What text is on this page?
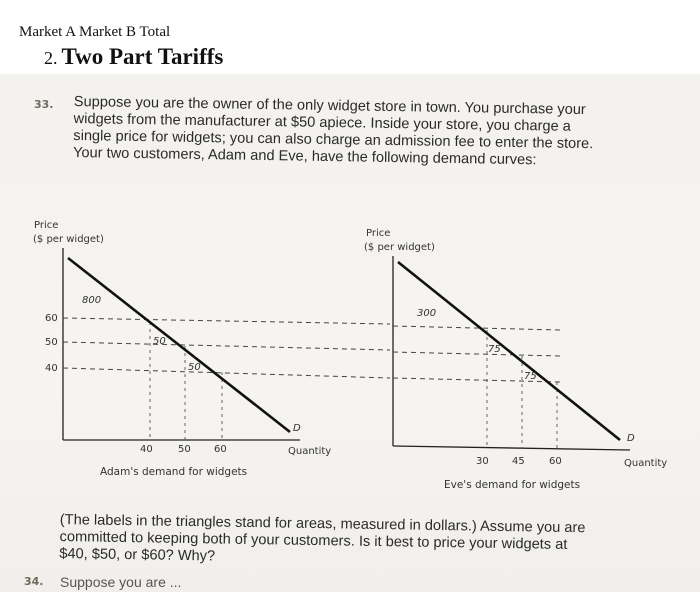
Market A Market B Total
2. Two Part Tariffs
33. Suppose you are the owner of the only widget store in town. You purchase your widgets from the manufacturer at $50 apiece. Inside your store, you charge a single price for widgets; you can also charge an admission fee to enter the store. Your two customers, Adam and Eve, have the following demand curves:
Price
($ per widget)
60
50
40
800
50
50
D
40	50 60	Quantity
Adam's demand for widgets
Price
($ per widget)
300
75
75
D
30 45 60	Quantity
Eve's demand for widgets
(The labels in the triangles stand for areas, measured in dollars.) Assume you are committed to keeping both of your customers. Is it best to price your widgets at $40, $50, or $60? Why?
34. Suppose you are ...
